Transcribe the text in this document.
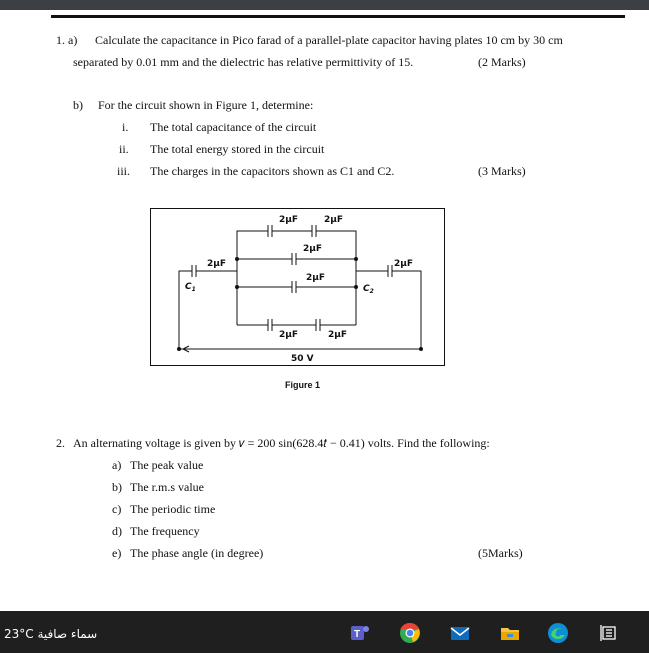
1. a) Calculate the capacitance in Pico farad of a parallel-plate capacitor having plates 10 cm by 30 cm
separated by 0.01 mm and the dielectric has relative permittivity of 15.	(2 Marks)
b) For the circuit shown in Figure 1, determine:
i. The total capacitance of the circuit
ii. The total energy stored in the circuit
iii. The charges in the capacitors shown as C1 and C2.	(3 Marks)
2µF	2µF
2µF
2µF
2µF	2µF
2µF	2µF
$C_1$	$C_2$
50 V
Figure 1
2. An alternating voltage is given by 𝑣 = 200 sin(628.4𝑡 − 0.41) volts. Find the following:
a) The peak value
b) The r.m.s value
c) The periodic time
d) The frequency
e) The phase angle (in degree)	(5Marks)
23°C سماء صافية	T
